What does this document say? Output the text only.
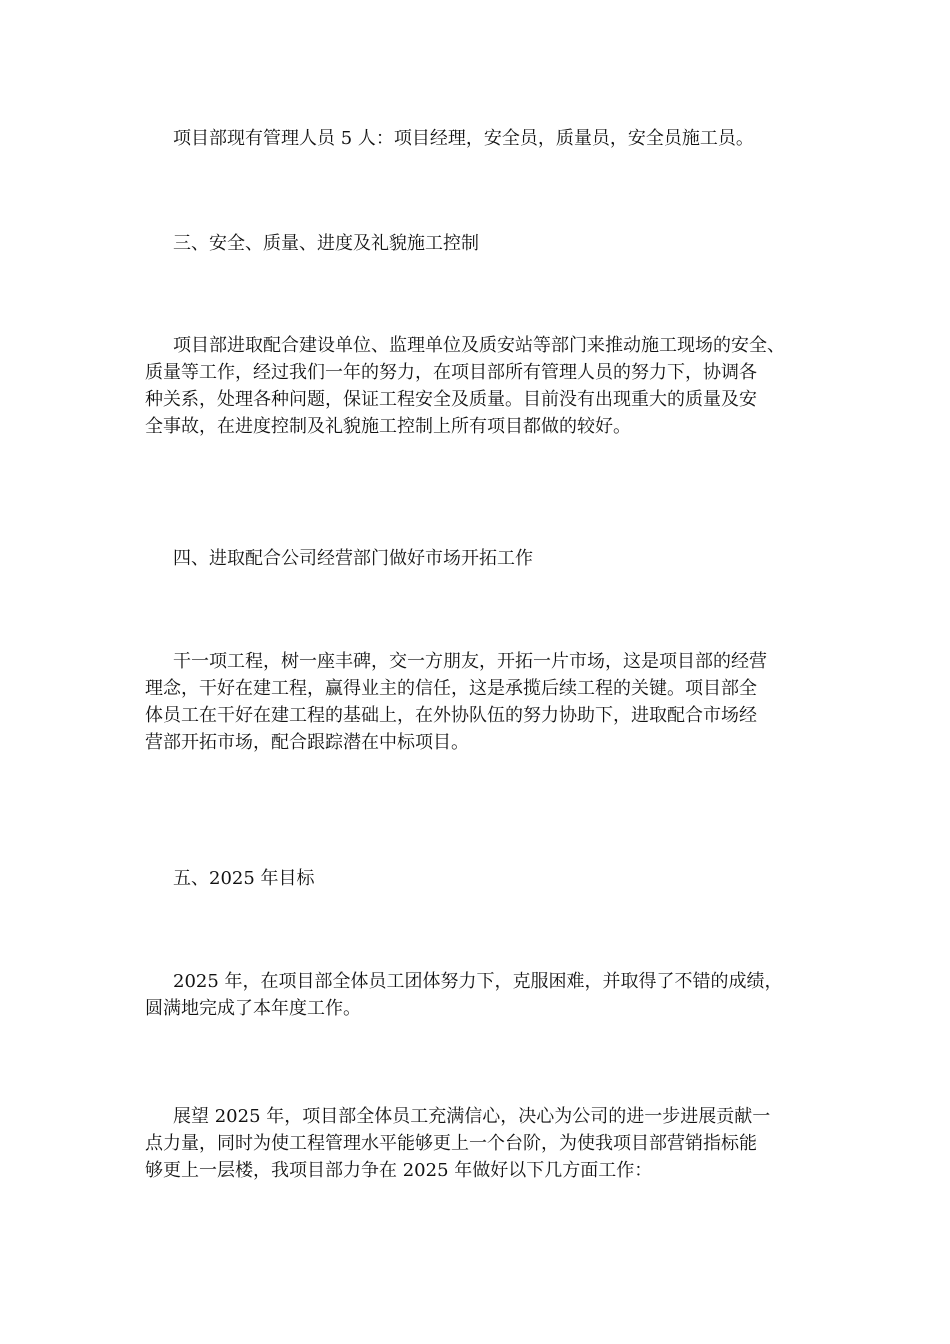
项目部现有管理人员 5 人：项目经理，安全员，质量员，安全员施工员。

三、安全、质量、进度及礼貌施工控制

项目部进取配合建设单位、监理单位及质安站等部门来推动施工现场的安全、
质量等工作，经过我们一年的努力，在项目部所有管理人员的努力下，协调各
种关系，处理各种问题，保证工程安全及质量。目前没有出现重大的质量及安
全事故，在进度控制及礼貌施工控制上所有项目都做的较好。

四、进取配合公司经营部门做好市场开拓工作

干一项工程，树一座丰碑，交一方朋友，开拓一片市场，这是项目部的经营
理念，干好在建工程，赢得业主的信任，这是承揽后续工程的关键。项目部全
体员工在干好在建工程的基础上，在外协队伍的努力协助下，进取配合市场经
营部开拓市场，配合跟踪潜在中标项目。

五、2025 年目标

2025 年，在项目部全体员工团体努力下，克服困难，并取得了不错的成绩，
圆满地完成了本年度工作。

展望 2025 年，项目部全体员工充满信心，决心为公司的进一步进展贡献一
点力量，同时为使工程管理水平能够更上一个台阶，为使我项目部营销指标能
够更上一层楼，我项目部力争在 2025 年做好以下几方面工作：
